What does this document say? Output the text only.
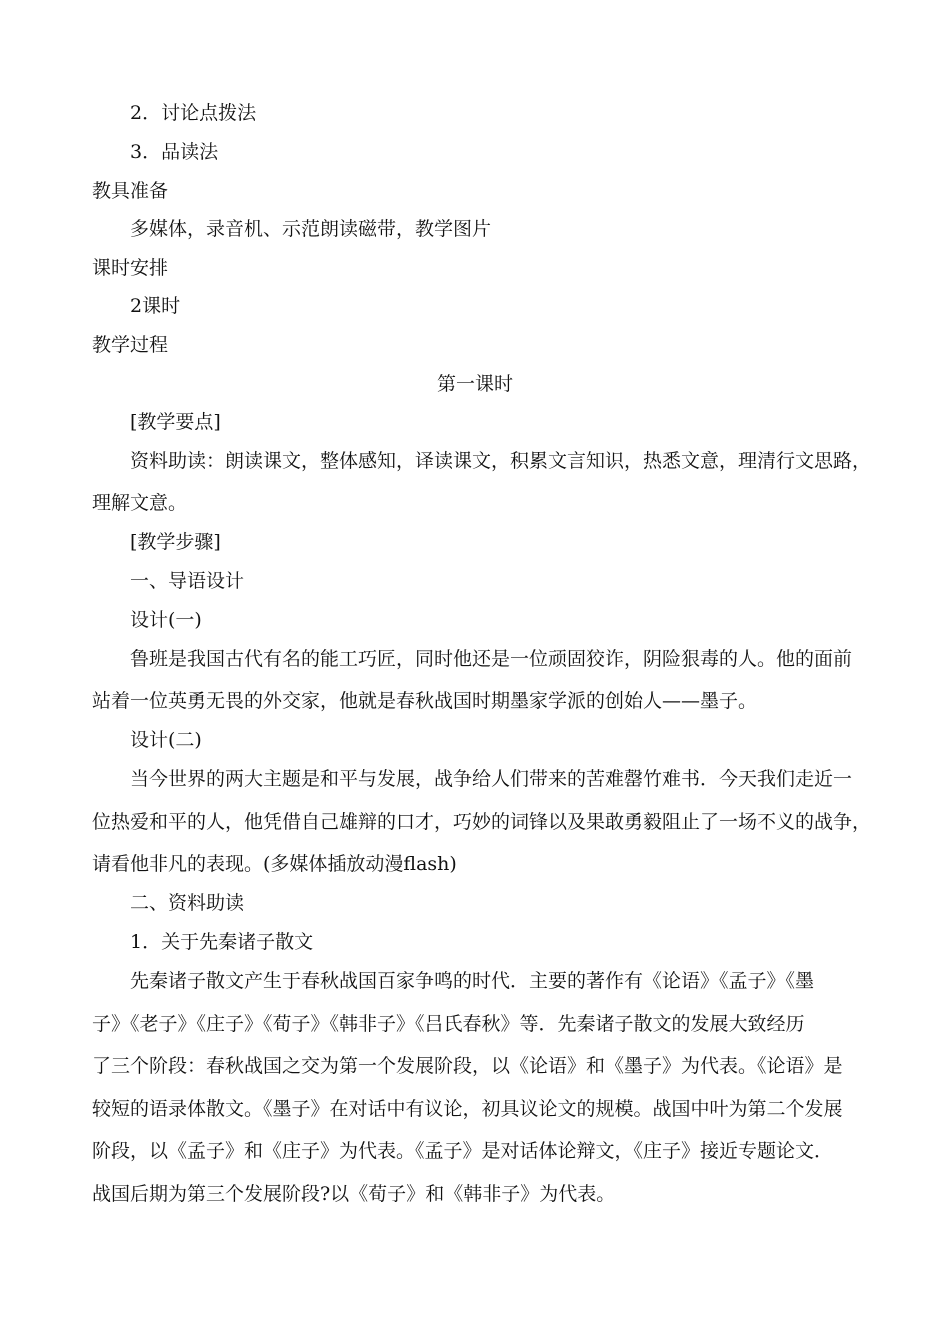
2．讨论点拨法
3．品读法
教具准备
多媒体，录音机、示范朗读磁带，教学图片
课时安排
2课时
教学过程
第一课时
[教学要点]
资料助读：朗读课文，整体感知，译读课文，积累文言知识，热悉文意，理清行文思路，
理解文意。
[教学步骤]
一、导语设计
设计(一)
鲁班是我国古代有名的能工巧匠，同时他还是一位顽固狡诈，阴险狠毒的人。他的面前
站着一位英勇无畏的外交家，他就是春秋战国时期墨家学派的创始人——墨子。
设计(二)
当今世界的两大主题是和平与发展，战争给人们带来的苦难罄竹难书．今天我们走近一
位热爱和平的人，他凭借自己雄辩的口才，巧妙的词锋以及果敢勇毅阻止了一场不义的战争，
请看他非凡的表现。(多媒体插放动漫flash)
二、资料助读
1．关于先秦诸子散文
先秦诸子散文产生于春秋战国百家争鸣的时代．主要的著作有《论语》《孟子》《墨
子》《老子》《庄子》《荀子》《韩非子》《吕氏春秋》等．先秦诸子散文的发展大致经历
了三个阶段：春秋战国之交为第一个发展阶段，以《论语》和《墨子》为代表。《论语》是
较短的语录体散文。《墨子》在对话中有议论，初具议论文的规模。战国中叶为第二个发展
阶段，以《孟子》和《庄子》为代表。《孟子》是对话体论辩文，《庄子》接近专题论文．
战国后期为第三个发展阶段?以《荀子》和《韩非子》为代表。
